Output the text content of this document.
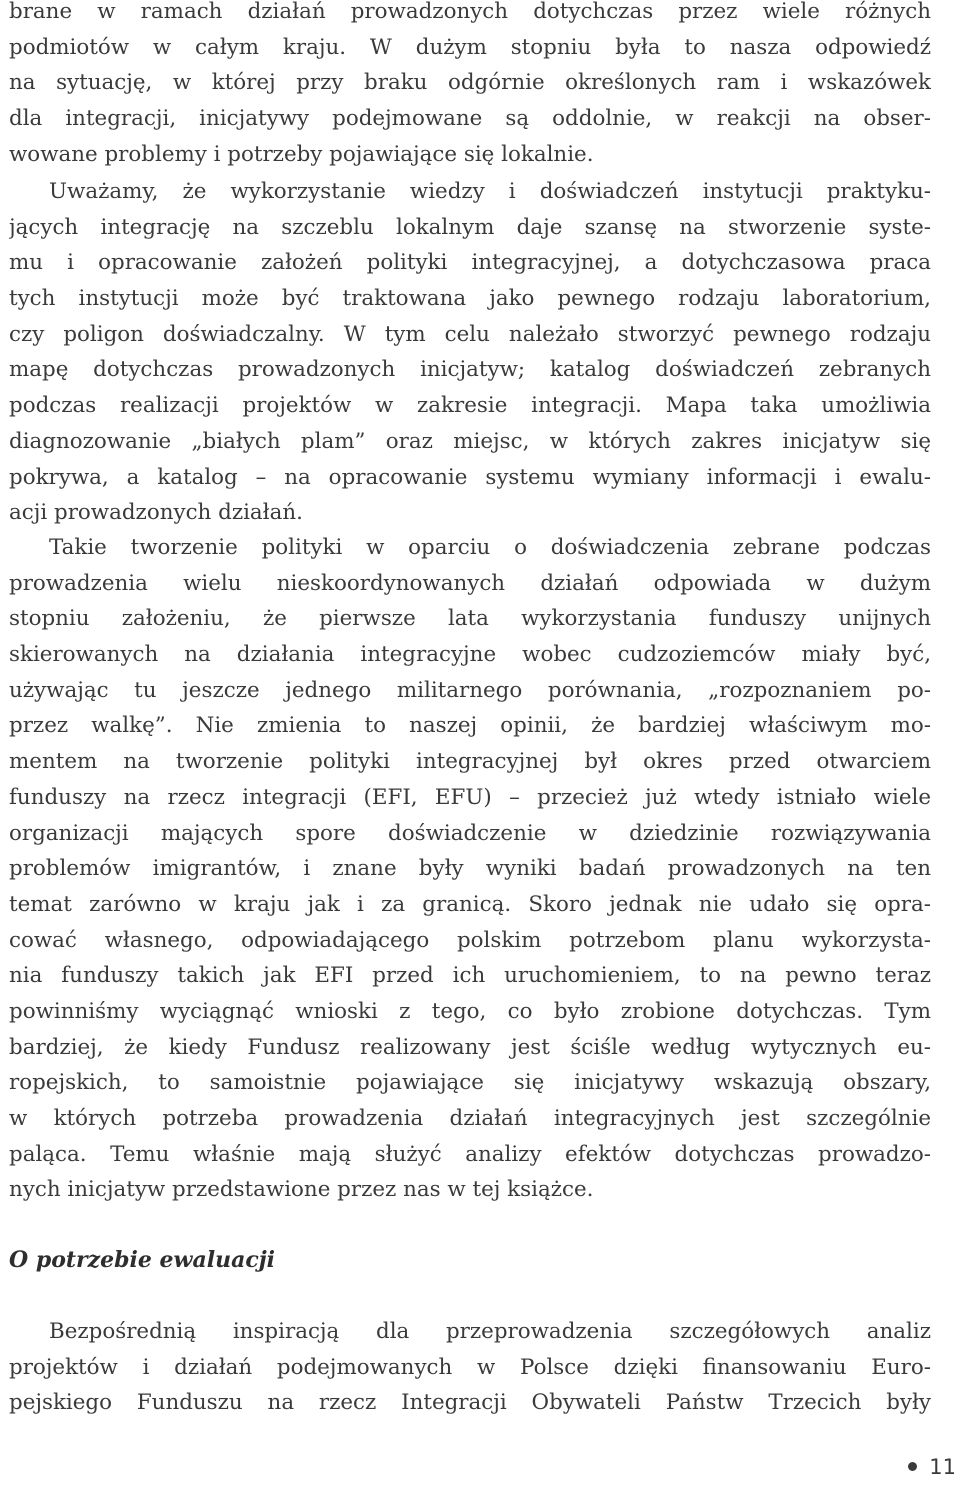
brane w ramach działań prowadzonych dotychczas przez wiele różnych
podmiotów w całym kraju. W dużym stopniu była to nasza odpowiedź
na sytuację, w której przy braku odgórnie określonych ram i wskazówek
dla integracji, inicjatywy podejmowane są oddolnie, w reakcji na obser-
wowane problemy i potrzeby pojawiające się lokalnie.
Uważamy, że wykorzystanie wiedzy i doświadczeń instytucji praktyku-
jących integrację na szczeblu lokalnym daje szansę na stworzenie syste-
mu i opracowanie założeń polityki integracyjnej, a dotychczasowa praca
tych instytucji może być traktowana jako pewnego rodzaju laboratorium,
czy poligon doświadczalny. W tym celu należało stworzyć pewnego rodzaju
mapę dotychczas prowadzonych inicjatyw; katalog doświadczeń zebranych
podczas realizacji projektów w zakresie integracji. Mapa taka umożliwia
diagnozowanie „białych plam” oraz miejsc, w których zakres inicjatyw się
pokrywa, a katalog – na opracowanie systemu wymiany informacji i ewalu-
acji prowadzonych działań.
Takie tworzenie polityki w oparciu o doświadczenia zebrane podczas
prowadzenia wielu nieskoordynowanych działań odpowiada w dużym
stopniu założeniu, że pierwsze lata wykorzystania funduszy unijnych
skierowanych na działania integracyjne wobec cudzoziemców miały być,
używając tu jeszcze jednego militarnego porównania, „rozpoznaniem po-
przez walkę”. Nie zmienia to naszej opinii, że bardziej właściwym mo-
mentem na tworzenie polityki integracyjnej był okres przed otwarciem
funduszy na rzecz integracji (EFI, EFU) – przecież już wtedy istniało wiele
organizacji mających spore doświadczenie w dziedzinie rozwiązywania
problemów imigrantów, i znane były wyniki badań prowadzonych na ten
temat zarówno w kraju jak i za granicą. Skoro jednak nie udało się opra-
cować własnego, odpowiadającego polskim potrzebom planu wykorzysta-
nia funduszy takich jak EFI przed ich uruchomieniem, to na pewno teraz
powinniśmy wyciągnąć wnioski z tego, co było zrobione dotychczas. Tym
bardziej, że kiedy Fundusz realizowany jest ściśle według wytycznych eu-
ropejskich, to samoistnie pojawiające się inicjatywy wskazują obszary,
w których potrzeba prowadzenia działań integracyjnych jest szczególnie
paląca. Temu właśnie mają służyć analizy efektów dotychczas prowadzo-
nych inicjatyw przedstawione przez nas w tej książce.
O potrzebie ewaluacji
Bezpośrednią inspiracją dla przeprowadzenia szczegółowych analiz
projektów i działań podejmowanych w Polsce dzięki finansowaniu Euro-
pejskiego Funduszu na rzecz Integracji Obywateli Państw Trzecich były
11
